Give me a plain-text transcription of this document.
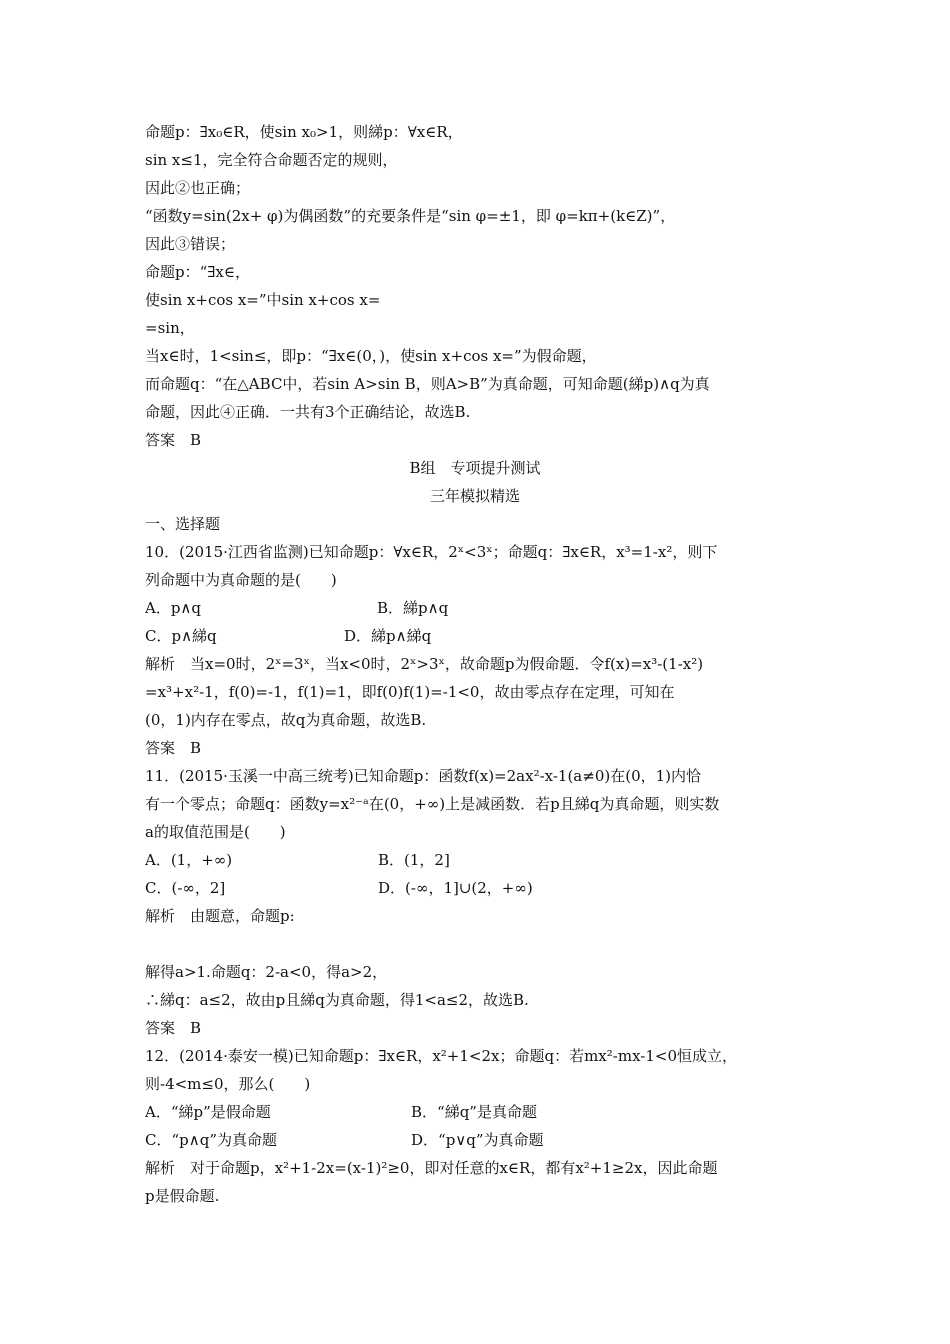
命题p：∃x₀∈R，使sin x₀>1，则綈p：∀x∈R，
sin x≤1，完全符合命题否定的规则，
因此②也正确；
“函数y=sin(2x+ φ)为偶函数”的充要条件是“sin φ=±1，即 φ=kπ+(k∈Z)”，
因此③错误；
命题p：“∃x∈，
使sin x+cos x=”中sin x+cos x=
=sin，
当x∈时，1<sin≤，即p：“∃x∈(0，)，使sin x+cos x=”为假命题，
而命题q：“在△ABC中，若sin A>sin B，则A>B”为真命题，可知命题(綈p)∧q为真
命题，因此④正确．一共有3个正确结论，故选B.
答案　B
B组　专项提升测试
三年模拟精选
一、选择题
10．(2015·江西省监测)已知命题p：∀x∈R，2ˣ<3ˣ；命题q：∃x∈R，x³=1-x²，则下
列命题中为真命题的是(　　)
A．p∧q	B．綈p∧q
C．p∧綈q	D．綈p∧綈q
解析　当x=0时，2ˣ=3ˣ，当x<0时，2ˣ>3ˣ，故命题p为假命题．令f(x)=x³-(1-x²)
=x³+x²-1，f(0)=-1，f(1)=1，即f(0)f(1)=-1<0，故由零点存在定理，可知在
(0，1)内存在零点，故q为真命题，故选B.
答案　B
11．(2015·玉溪一中高三统考)已知命题p：函数f(x)=2ax²-x-1(a≠0)在(0，1)内恰
有一个零点；命题q：函数y=x²⁻ᵃ在(0，+∞)上是减函数．若p且綈q为真命题，则实数
a的取值范围是(　　)
A．(1，+∞)	B．(1，2]
C．(-∞，2]	D．(-∞，1]∪(2，+∞)
解析　由题意，命题p:
解得a>1.命题q：2-a<0，得a>2，
∴綈q：a≤2，故由p且綈q为真命题，得1<a≤2，故选B.
答案　B
12．(2014·泰安一模)已知命题p：∃x∈R，x²+1<2x；命题q：若mx²-mx-1<0恒成立，
则-4<m≤0，那么(　　)
A．“綈p”是假命题	B．“綈q”是真命题
C．“p∧q”为真命题	D．“p∨q”为真命题
解析　对于命题p，x²+1-2x=(x-1)²≥0，即对任意的x∈R，都有x²+1≥2x，因此命题
p是假命题.
